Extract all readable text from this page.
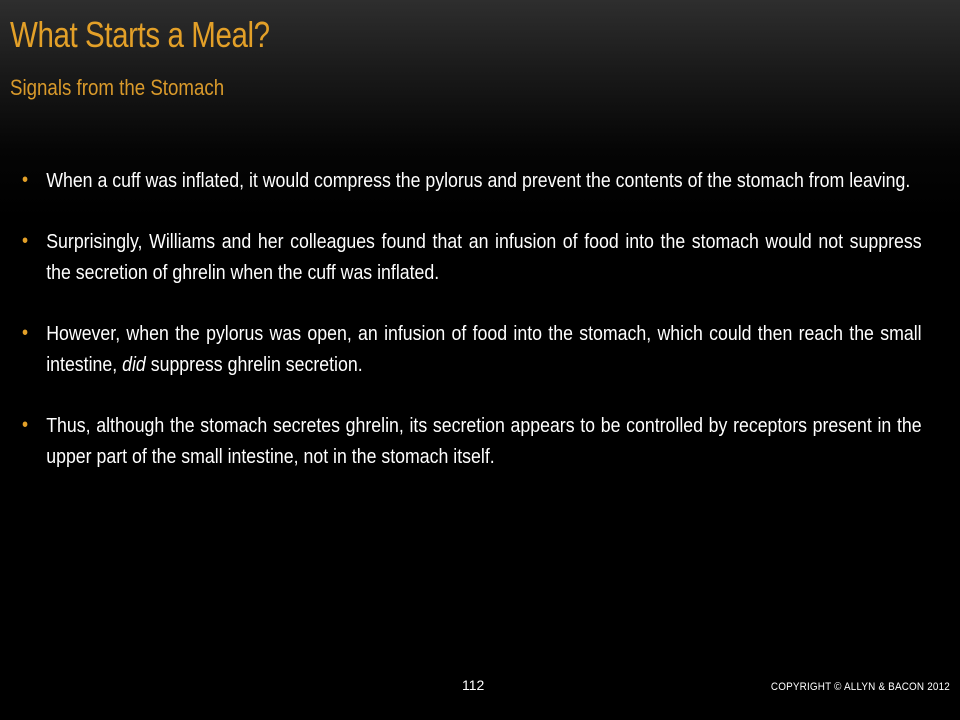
What Starts a Meal?
Signals from the Stomach
• When a cuff was inflated, it would compress the pylorus and prevent the contents of the stomach from leaving.
• Surprisingly, Williams and her colleagues found that an infusion of food into the stomach would not suppress the secretion of ghrelin when the cuff was inflated.
• However, when the pylorus was open, an infusion of food into the stomach, which could then reach the small intestine, did suppress ghrelin secretion.
• Thus, although the stomach secretes ghrelin, its secretion appears to be controlled by receptors present in the upper part of the small intestine, not in the stomach itself.
112	COPYRIGHT © ALLYN & BACON 2012
